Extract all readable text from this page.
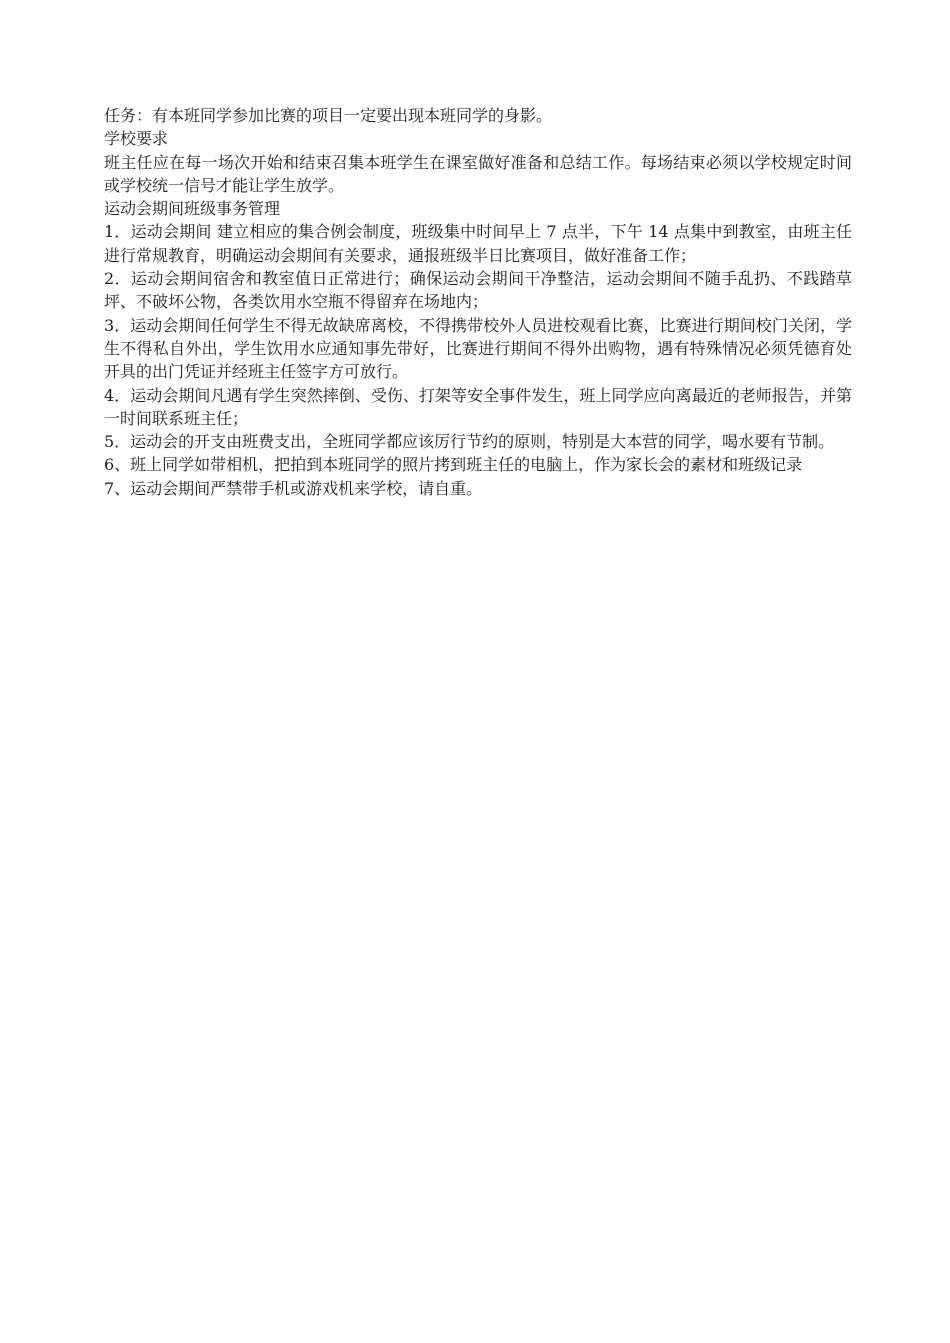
任务：有本班同学参加比赛的项目一定要出现本班同学的身影。

学校要求

班主任应在每一场次开始和结束召集本班学生在课室做好准备和总结工作。每场结束必须以学校规定时间或学校统一信号才能让学生放学。

运动会期间班级事务管理

1．运动会期间 建立相应的集合例会制度，班级集中时间早上 7 点半，下午 14 点集中到教室，由班主任进行常规教育，明确运动会期间有关要求，通报班级半日比赛项目，做好准备工作；

2．运动会期间宿舍和教室值日正常进行；确保运动会期间干净整洁，运动会期间不随手乱扔、不践踏草坪、不破坏公物，各类饮用水空瓶不得留弃在场地内；

3．运动会期间任何学生不得无故缺席离校，不得携带校外人员进校观看比赛，比赛进行期间校门关闭，学生不得私自外出，学生饮用水应通知事先带好，比赛进行期间不得外出购物，遇有特殊情况必须凭德育处开具的出门凭证并经班主任签字方可放行。

4．运动会期间凡遇有学生突然摔倒、受伤、打架等安全事件发生，班上同学应向离最近的老师报告，并第一时间联系班主任；

5．运动会的开支由班费支出，全班同学都应该厉行节约的原则，特别是大本营的同学，喝水要有节制。

6、班上同学如带相机，把拍到本班同学的照片拷到班主任的电脑上，作为家长会的素材和班级记录

7、运动会期间严禁带手机或游戏机来学校，请自重。
